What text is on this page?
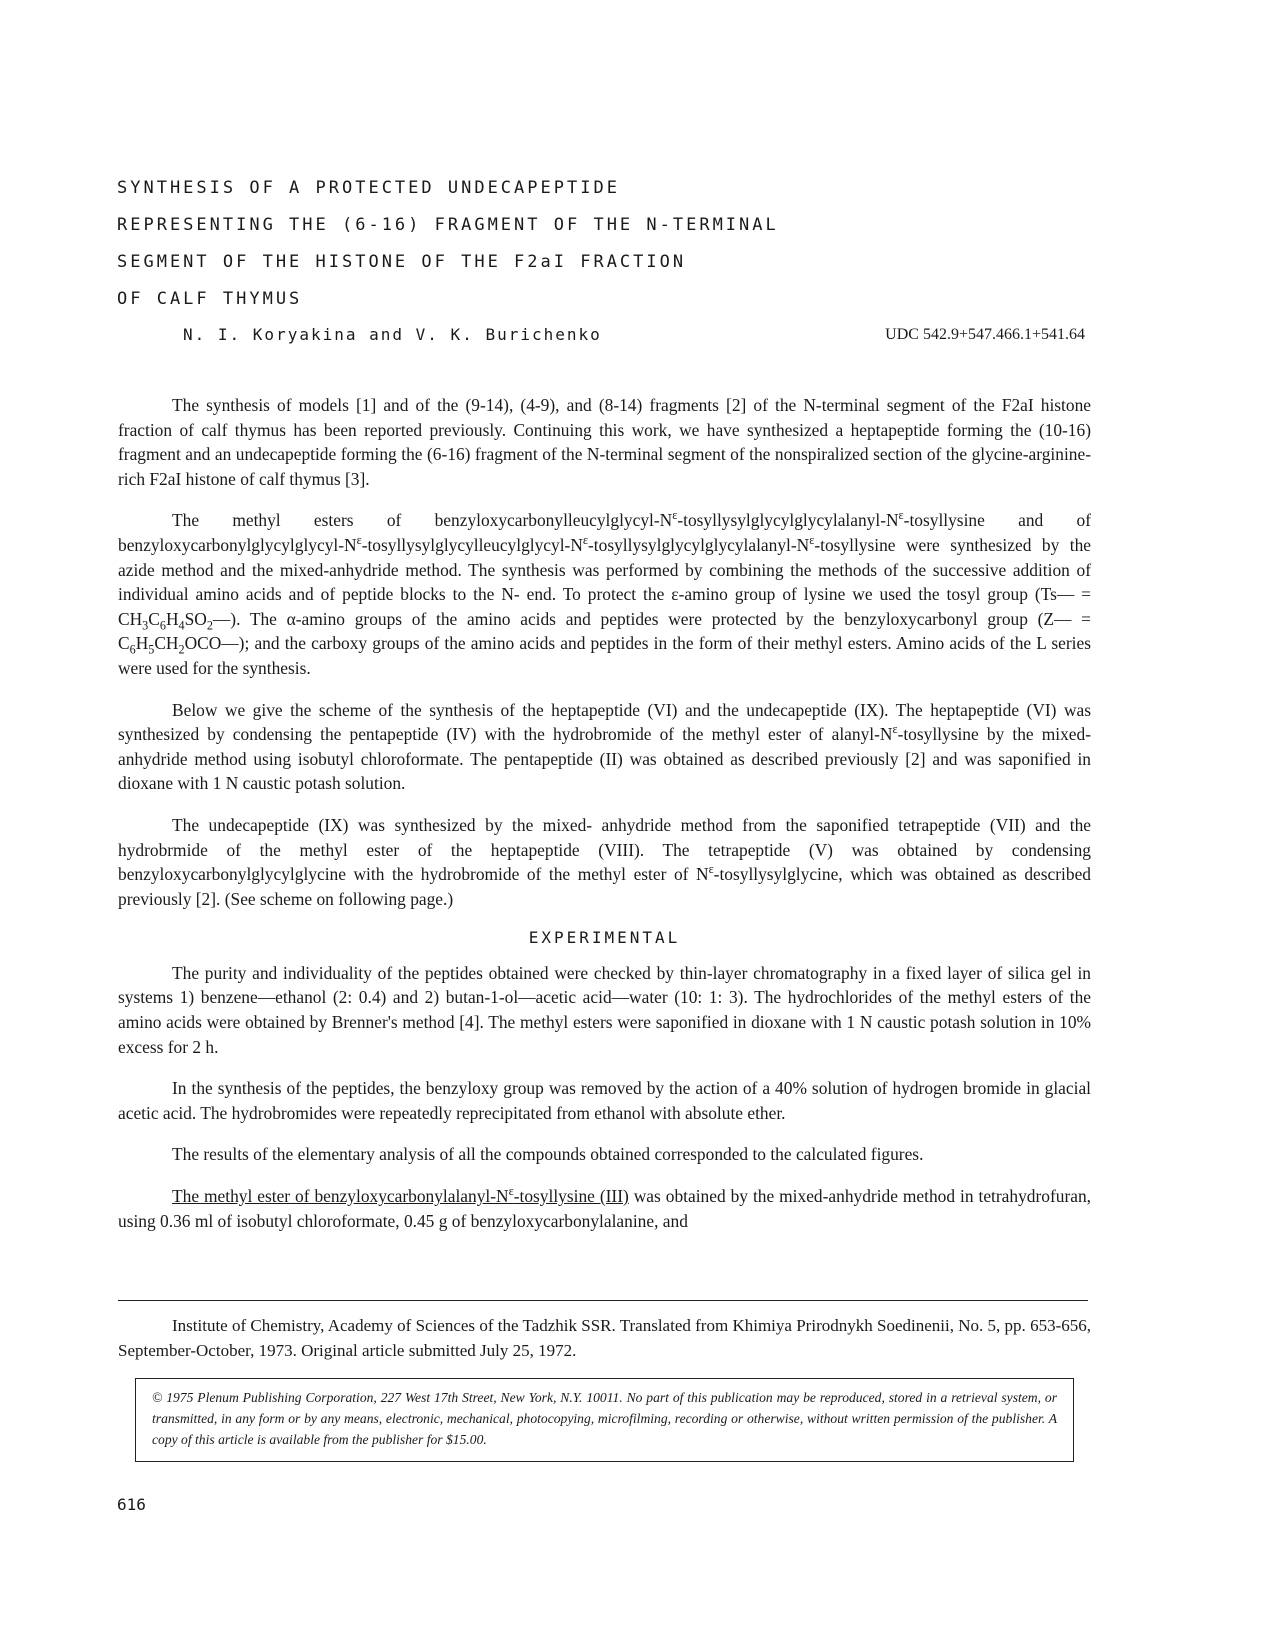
SYNTHESIS OF A PROTECTED UNDECAPEPTIDE
REPRESENTING THE (6-16) FRAGMENT OF THE N-TERMINAL
SEGMENT OF THE HISTONE OF THE F2aI FRACTION
OF CALF THYMUS
N. I. Koryakina and V. K. Burichenko	UDC 542.9+547.466.1+541.64

The synthesis of models [1] and of the (9-14), (4-9), and (8-14) fragments [2] of the N-terminal segment of the F2aI histone fraction of calf thymus has been reported previously. Continuing this work, we have synthesized a heptapeptide forming the (10-16) fragment and an undecapeptide forming the (6-16) fragment of the N-terminal segment of the nonspiralized section of the glycine-arginine-rich F2aI histone of calf thymus [3].

The methyl esters of benzyloxycarbonylleucylglycyl-$N^\varepsilon-tosyllysylglycylglycylalanyl-N^\varepsilon$-tosyllysine and of benzyloxycarbonylglycylglycyl-$N^\varepsilon-tosyllysylglycylleucylglycyl-N^\varepsilon-tosyllysylglycylglycylalanyl-N^\varepsilon$-tosyllysine were synthesized by the azide method and the mixed-anhydride method. The synthesis was performed by combining the methods of the successive addition of individual amino acids and of peptide blocks to the N- end. To protect the ε-amino group of lysine we used the tosyl group (Ts— = $CH_3C_6H_4SO_2—$). The α-amino groups of the amino acids and peptides were protected by the benzyloxycarbonyl group (Z— = $C_6H_5CH_2OCO—$); and the carboxy groups of the amino acids and peptides in the form of their methyl esters. Amino acids of the L series were used for the synthesis.

Below we give the scheme of the synthesis of the heptapeptide (VI) and the undecapeptide (IX). The heptapeptide (VI) was synthesized by condensing the pentapeptide (IV) with the hydrobromide of the methyl ester of alanyl-$N^\varepsilon$-tosyllysine by the mixed-anhydride method using isobutyl chloroformate. The pentapeptide (II) was obtained as described previously [2] and was saponified in dioxane with 1 N caustic potash solution.

The undecapeptide (IX) was synthesized by the mixed- anhydride method from the saponified tetrapeptide (VII) and the hydrobrmide of the methyl ester of the heptapeptide (VIII). The tetrapeptide (V) was obtained by condensing benzyloxycarbonylglycylglycine with the hydrobromide of the methyl ester of $N^\varepsilon$-tosyllysylglycine, which was obtained as described previously [2]. (See scheme on following page.)

EXPERIMENTAL

The purity and individuality of the peptides obtained were checked by thin-layer chromatography in a fixed layer of silica gel in systems 1) benzene—ethanol (2: 0.4) and 2) butan-1-ol—acetic acid—water (10: 1: 3). The hydrochlorides of the methyl esters of the amino acids were obtained by Brenner's method [4]. The methyl esters were saponified in dioxane with 1 N caustic potash solution in 10% excess for 2 h.

In the synthesis of the peptides, the benzyloxy group was removed by the action of a 40% solution of hydrogen bromide in glacial acetic acid. The hydrobromides were repeatedly reprecipitated from ethanol with absolute ether.

The results of the elementary analysis of all the compounds obtained corresponded to the calculated figures.

The methyl ester of benzyloxycarbonylalanyl-$N^\varepsilon$-tosyllysine (III) was obtained by the mixed-anhydride method in tetrahydrofuran, using 0.36 ml of isobutyl chloroformate, 0.45 g of benzyloxycarbonylalanine, and

Institute of Chemistry, Academy of Sciences of the Tadzhik SSR. Translated from Khimiya Prirodnykh Soedinenii, No. 5, pp. 653-656, September-October, 1973. Original article submitted July 25, 1972.

© 1975 Plenum Publishing Corporation, 227 West 17th Street, New York, N.Y. 10011. No part of this publication may be reproduced, stored in a retrieval system, or transmitted, in any form or by any means, electronic, mechanical, photocopying, microfilming, recording or otherwise, without written permission of the publisher. A copy of this article is available from the publisher for $15.00.
616
